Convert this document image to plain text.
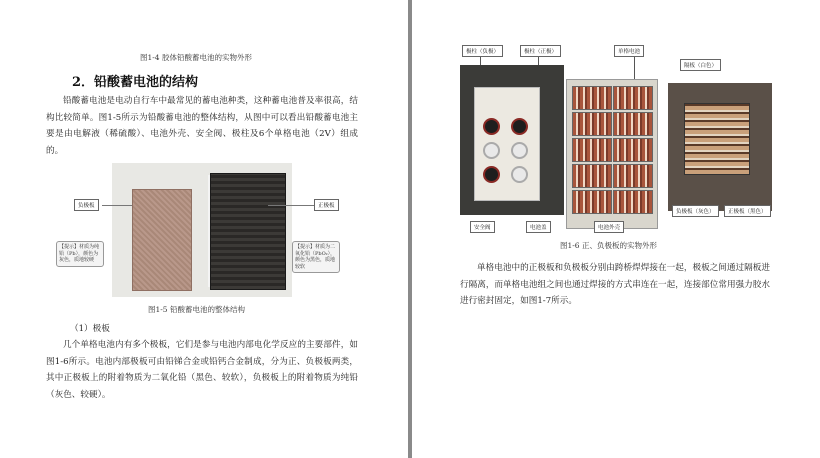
图1-4 胶体铅酸蓄电池的实物外形
2．铅酸蓄电池的结构
铅酸蓄电池是电动自行车中最常见的蓄电池种类，这种蓄电池普及率很高，结构比较简单。图1-5所示为铅酸蓄电池的整体结构，从图中可以看出铅酸蓄电池主要是由电解液（稀硫酸）、电池外壳、安全阀、极柱及6个单格电池（2V）组成的。
负极板	正极板
【提示】材质为纯铅（Pb），颜色为灰色，质地较硬
【提示】材质为二氧化铅（PbO₂），颜色为黑色，质地较软
图1-5 铅酸蓄电池的整体结构
（1）极板
几个单格电池内有多个极板，它们是参与电池内部电化学反应的主要部件，如图1-6所示。电池内部极板可由铅锑合金或铅钙合金制成，分为正、负极板两类，其中正极板上的附着物质为二氧化铅（黑色、较软），负极板上的附着物质为纯铅（灰色、较硬）。
极柱（负极）	极柱（正极）	单格电池
隔板（白色）
安全阀	电池盖	电池外壳
负极板（灰色）	正极板（黑色）
图1-6 正、负极板的实物外形
单格电池中的正极板和负极板分别由跨桥焊焊接在一起，极板之间通过隔板进行隔离，而单格电池组之间也通过焊接的方式串连在一起，连接部位常用强力胶水进行密封固定，如图1-7所示。
